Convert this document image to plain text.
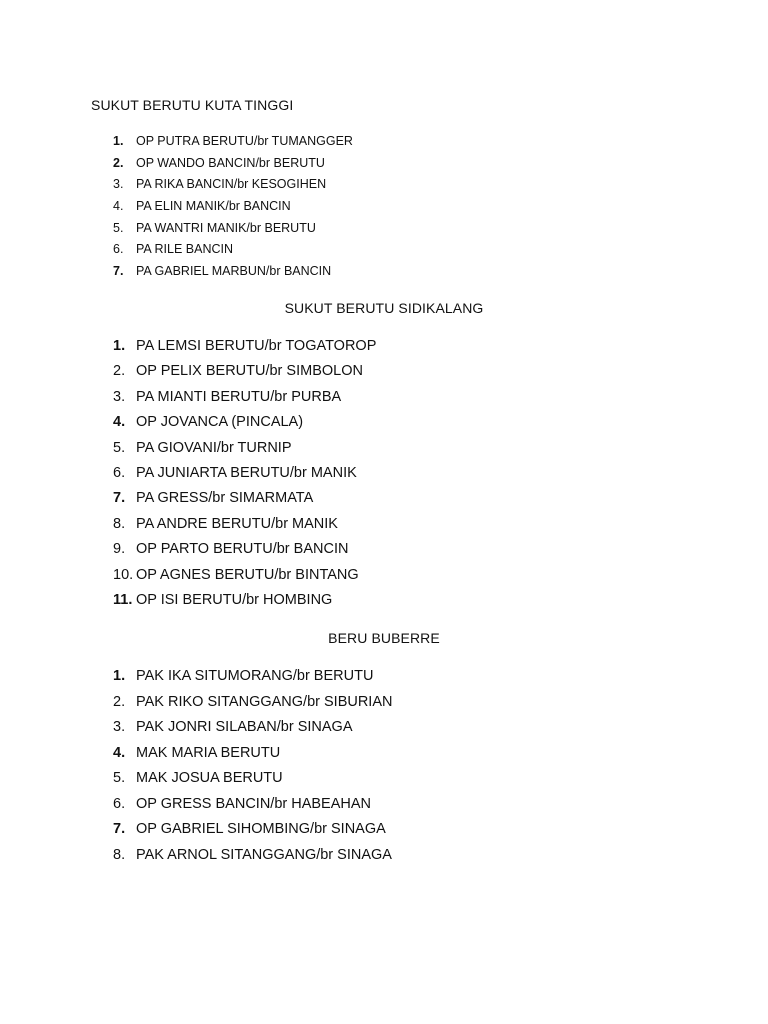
SUKUT BERUTU KUTA TINGGI
1. OP PUTRA BERUTU/br TUMANGGER
2. OP WANDO BANCIN/br BERUTU
3. PA RIKA BANCIN/br KESOGIHEN
4. PA ELIN MANIK/br BANCIN
5. PA WANTRI MANIK/br BERUTU
6. PA RILE BANCIN
7. PA GABRIEL MARBUN/br BANCIN
SUKUT BERUTU SIDIKALANG
1. PA LEMSI BERUTU/br TOGATOROP
2. OP PELIX BERUTU/br SIMBOLON
3. PA MIANTI BERUTU/br PURBA
4. OP JOVANCA (PINCALA)
5. PA GIOVANI/br TURNIP
6. PA JUNIARTA BERUTU/br MANIK
7. PA GRESS/br SIMARMATA
8. PA ANDRE BERUTU/br MANIK
9. OP PARTO BERUTU/br BANCIN
10. OP AGNES BERUTU/br BINTANG
11. OP ISI BERUTU/br HOMBING
BERU BUBERRE
1. PAK IKA SITUMORANG/br BERUTU
2. PAK RIKO SITANGGANG/br SIBURIAN
3. PAK JONRI SILABAN/br SINAGA
4. MAK MARIA BERUTU
5. MAK JOSUA BERUTU
6. OP GRESS BANCIN/br HABEAHAN
7. OP GABRIEL SIHOMBING/br SINAGA
8. PAK ARNOL SITANGGANG/br SINAGA
